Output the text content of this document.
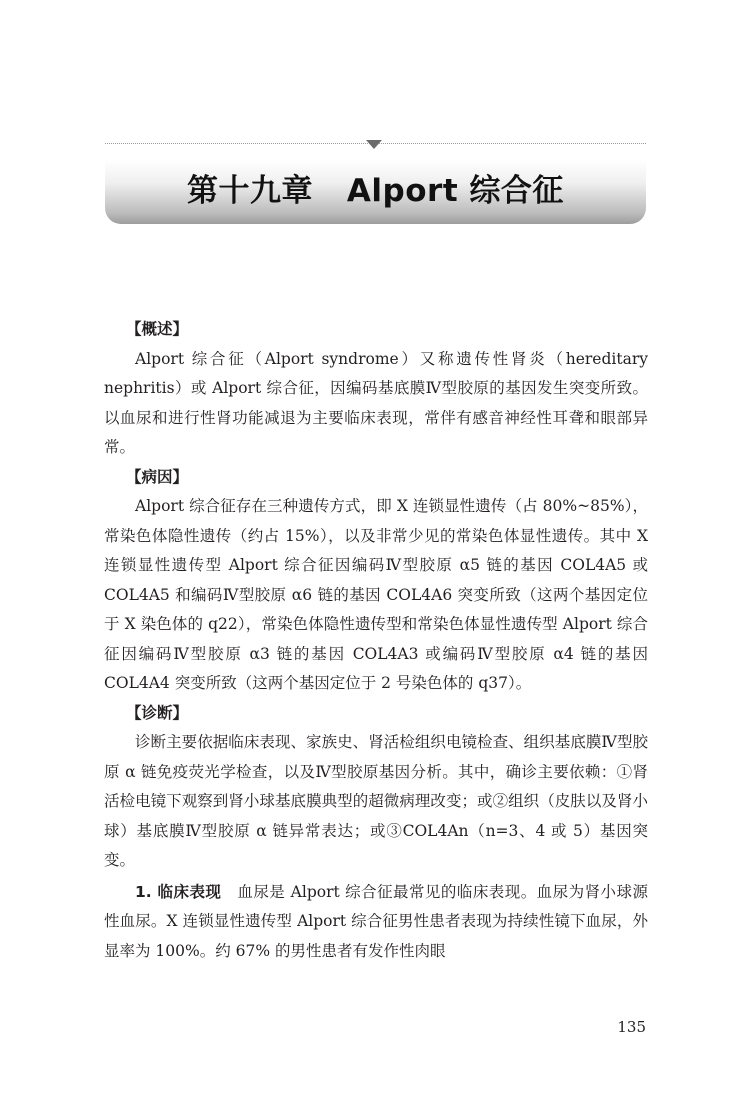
第十九章   Alport 综合征

【概述】

Alport 综合征（Alport syndrome）又称遗传性肾炎（hereditary nephritis）或 Alport 综合征，因编码基底膜Ⅳ型胶原的基因发生突变所致。以血尿和进行性肾功能减退为主要临床表现，常伴有感音神经性耳聋和眼部异常。

【病因】

Alport 综合征存在三种遗传方式，即 X 连锁显性遗传（占 80%~85%），常染色体隐性遗传（约占 15%），以及非常少见的常染色体显性遗传。其中 X 连锁显性遗传型 Alport 综合征因编码Ⅳ型胶原 α5 链的基因 COL4A5 或 COL4A5 和编码Ⅳ型胶原 α6 链的基因 COL4A6 突变所致（这两个基因定位于 X 染色体的 q22），常染色体隐性遗传型和常染色体显性遗传型 Alport 综合征因编码Ⅳ型胶原 α3 链的基因 COL4A3 或编码Ⅳ型胶原 α4 链的基因 COL4A4 突变所致（这两个基因定位于 2 号染色体的 q37）。

【诊断】

诊断主要依据临床表现、家族史、肾活检组织电镜检查、组织基底膜Ⅳ型胶原 α 链免疫荧光学检查，以及Ⅳ型胶原基因分析。其中，确诊主要依赖：①肾活检电镜下观察到肾小球基底膜典型的超微病理改变；或②组织（皮肤以及肾小球）基底膜Ⅳ型胶原 α 链异常表达；或③COL4An（n=3、4 或 5）基因突变。

1. 临床表现　 血尿是 Alport 综合征最常见的临床表现。血尿为肾小球源性血尿。X 连锁显性遗传型 Alport 综合征男性患者表现为持续性镜下血尿，外显率为 100%。约 67% 的男性患者有发作性肉眼

135
